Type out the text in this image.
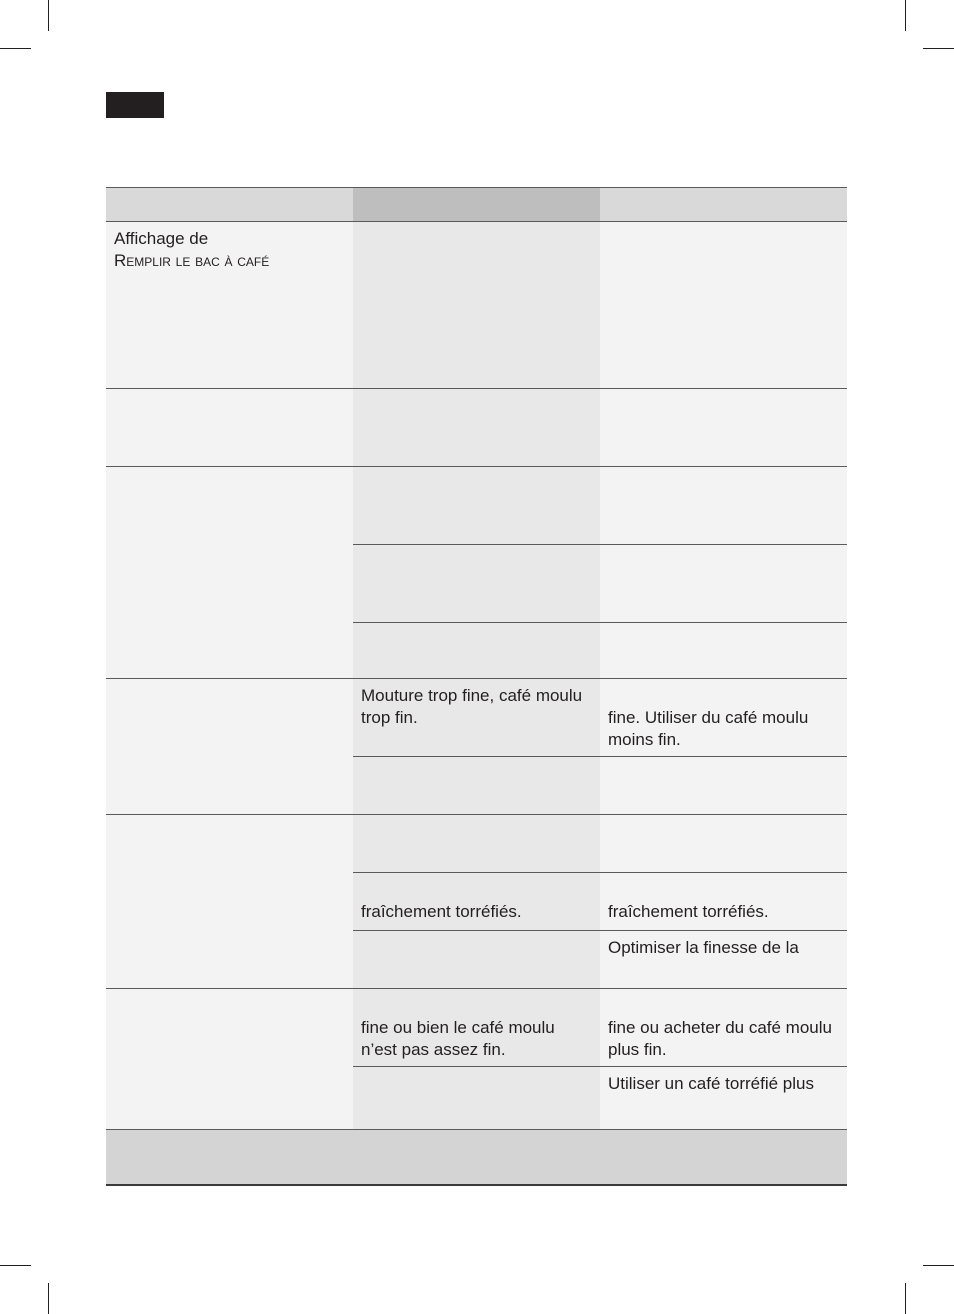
Affichage de
Remplir le bac à café
Mouture trop fine, café moulu trop fin.	fine. Utiliser du café moulu moins fin.
fraîchement torréfiés.	fraîchement torréfiés.
Optimiser la finesse de la
fine ou bien le café moulu n’est pas assez fin.
fine ou acheter du café moulu plus fin.
Utiliser un café torréfié plus
